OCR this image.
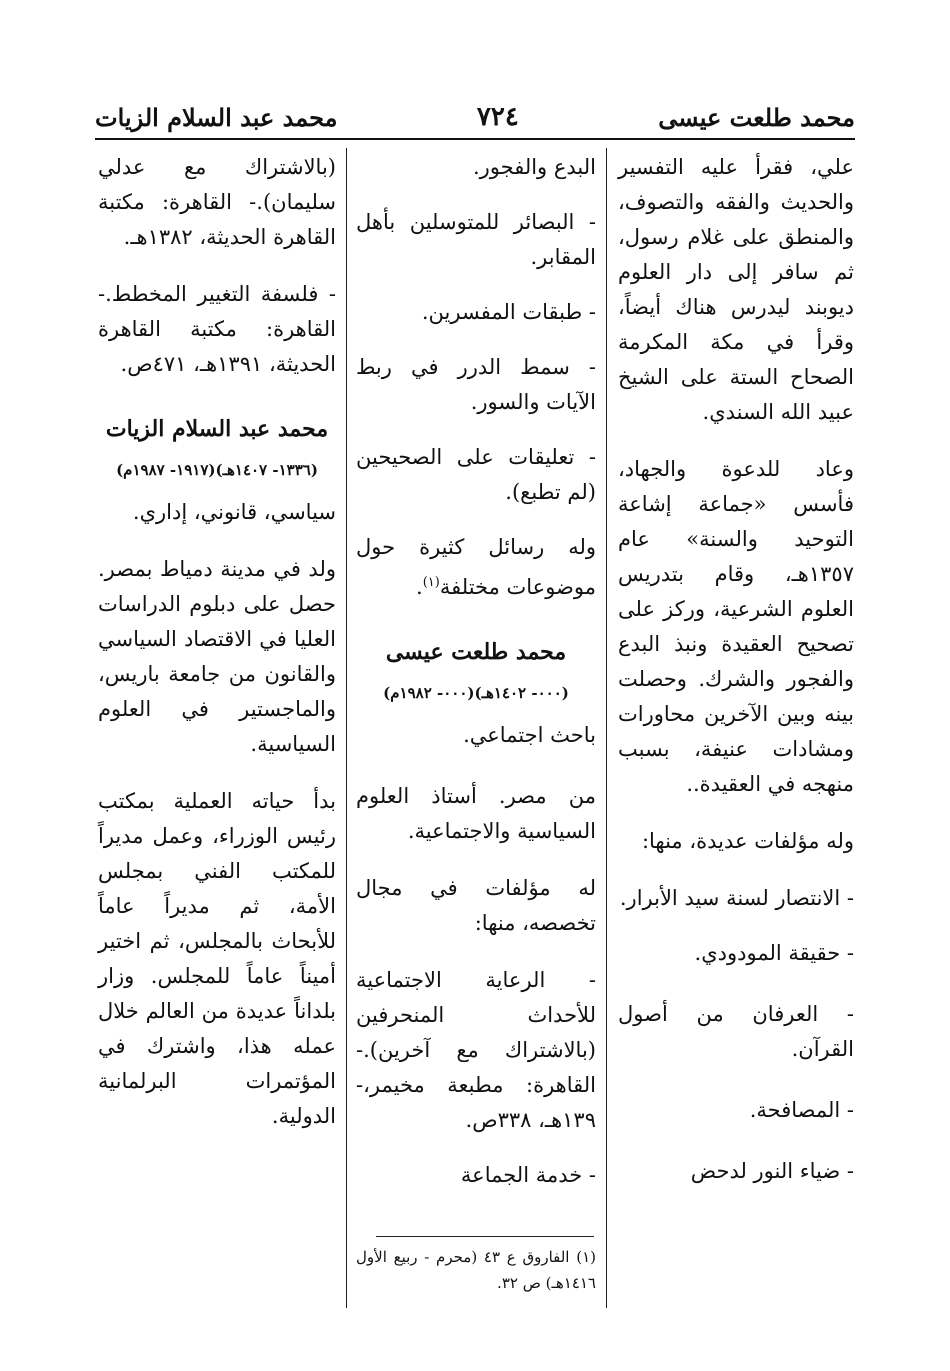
محمد طلعت عيسى
٧٢٤
محمد عبد السلام الزيات

علي، فقرأ عليه التفسير والحديث والفقه والتصوف، والمنطق على غلام رسول، ثم سافر إلى دار العلوم ديوبند ليدرس هناك أيضاً، وقرأ في مكة المكرمة الصحاح الستة على الشيخ عبيد الله السندي.

وعاد للدعوة والجهاد، فأسس «جماعة إشاعة التوحيد والسنة» عام ١٣٥٧هـ، وقام بتدريس العلوم الشرعية، وركز على تصحيح العقيدة ونبذ البدع والفجور والشرك. وحصلت بينه وبين الآخرين محاورات ومشادات عنيفة، بسبب منهجه في العقيدة..

وله مؤلفات عديدة، منها:

- الانتصار لسنة سيد الأبرار.

- حقيقة المودودي.

- العرفان من أصول القرآن.

- المصافحة.

- ضياء النور لدحض

البدع والفجور.

- البصائر للمتوسلين بأهل المقابر.

- طبقات المفسرين.

- سمط الدرر في ربط الآيات والسور.

- تعليقات على الصحيحين (لم تطبع).

وله رسائل كثيرة حول موضوعات مختلفة$^{(١)}$.

محمد طلعت عيسى
(٠٠٠- ١٤٠٢هـ)(٠٠٠- ١٩٨٢م)

باحث اجتماعي.

من مصر. أستاذ العلوم السياسية والاجتماعية.

له مؤلفات في مجال تخصصه، منها:

- الرعاية الاجتماعية للأحداث المنحرفين (بالاشتراك مع آخرين).- القاهرة: مطبعة مخيمر،- ١٣٩هـ، ٣٣٨ص.

- خدمة الجماعة

(١) الفاروق ع ٤٣ (محرم - ربيع الأول ١٤١٦هـ) ص ٣٢.

(بالاشتراك مع عدلي سليمان).- القاهرة: مكتبة القاهرة الحديثة، ١٣٨٢هـ.

- فلسفة التغيير المخطط.- القاهرة: مكتبة القاهرة الحديثة، ١٣٩١هـ، ٤٧١ص.

محمد عبد السلام الزيات
(١٣٣٦- ١٤٠٧هـ)(١٩١٧- ١٩٨٧م)

سياسي، قانوني، إداري.

ولد في مدينة دمياط بمصر. حصل على دبلوم الدراسات العليا في الاقتصاد السياسي والقانون من جامعة باريس، والماجستير في العلوم السياسية.

بدأ حياته العملية بمكتب رئيس الوزراء، وعمل مديراً للمكتب الفني بمجلس الأمة، ثم مديراً عاماً للأبحاث بالمجلس، ثم اختير أميناً عاماً للمجلس. وزار بلداناً عديدة من العالم خلال عمله هذا، واشترك في المؤتمرات البرلمانية الدولية.
